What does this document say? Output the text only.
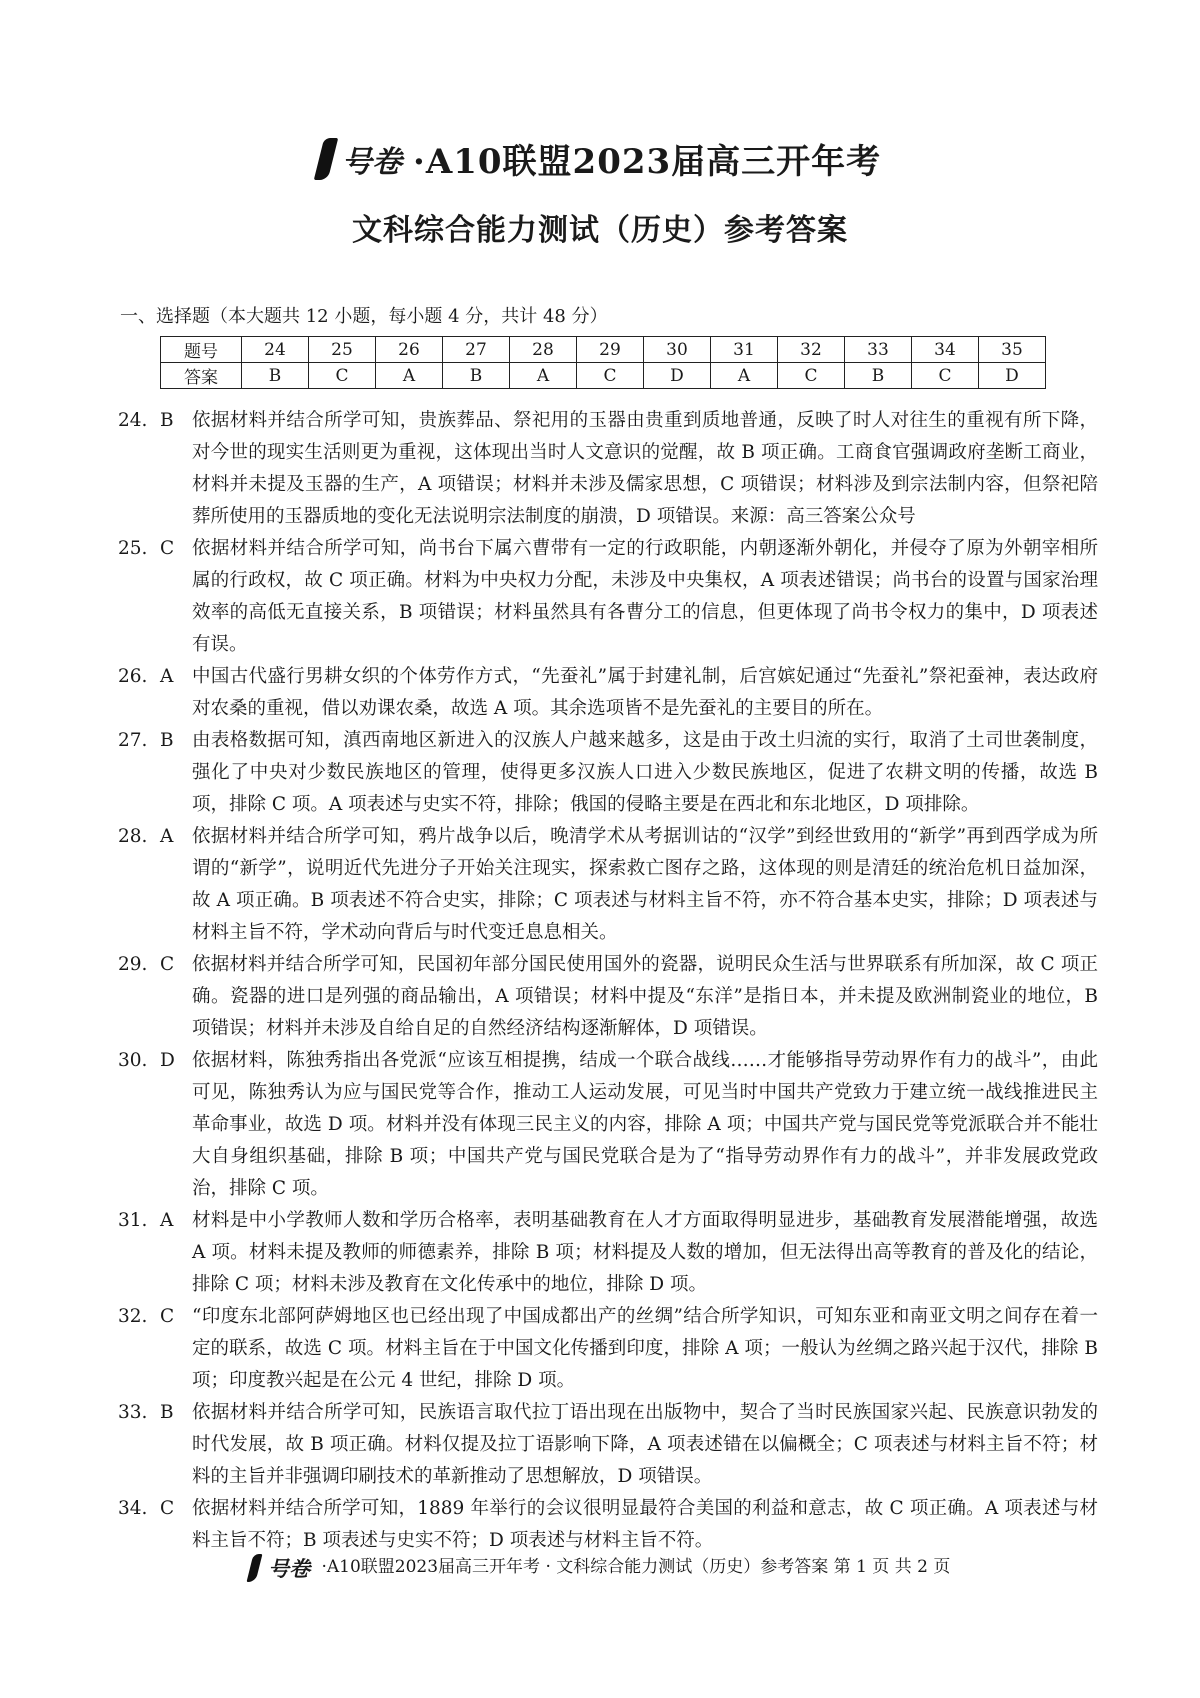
号卷 ·A10联盟2023届高三开年考
文科综合能力测试（历史）参考答案
一、选择题（本大题共 12 小题，每小题 4 分，共计 48 分）
题号	24	25	26	27	28	29	30	31	32	33	34	35
答案	B	C	A	B	A	C	D	A	C	B	C	D
24. B 依据材料并结合所学可知，贵族葬品、祭祀用的玉器由贵重到质地普通，反映了时人对往生的重视有所下降，对今世的现实生活则更为重视，这体现出当时人文意识的觉醒，故 B 项正确。工商食官强调政府垄断工商业，材料并未提及玉器的生产，A 项错误；材料并未涉及儒家思想，C 项错误；材料涉及到宗法制内容，但祭祀陪葬所使用的玉器质地的变化无法说明宗法制度的崩溃，D 项错误。来源：高三答案公众号
25. C 依据材料并结合所学可知，尚书台下属六曹带有一定的行政职能，内朝逐渐外朝化，并侵夺了原为外朝宰相所属的行政权，故 C 项正确。材料为中央权力分配，未涉及中央集权，A 项表述错误；尚书台的设置与国家治理效率的高低无直接关系，B 项错误；材料虽然具有各曹分工的信息，但更体现了尚书令权力的集中，D 项表述有误。
26. A	中国古代盛行男耕女织的个体劳作方式，“先蚕礼”属于封建礼制，后宫嫔妃通过“先蚕礼”祭祀蚕神，表达政府对农桑的重视，借以劝课农桑，故选 A 项。其余选项皆不是先蚕礼的主要目的所在。
27. B 由表格数据可知，滇西南地区新进入的汉族人户越来越多，这是由于改土归流的实行，取消了土司世袭制度，强化了中央对少数民族地区的管理，使得更多汉族人口进入少数民族地区，促进了农耕文明的传播，故选 B 项，排除 C 项。A 项表述与史实不符，排除；俄国的侵略主要是在西北和东北地区，D 项排除。
28. A	依据材料并结合所学可知，鸦片战争以后，晚清学术从考据训诂的“汉学”到经世致用的“新学”再到西学成为所谓的“新学”，说明近代先进分子开始关注现实，探索救亡图存之路，这体现的则是清廷的统治危机日益加深，故 A 项正确。B 项表述不符合史实，排除；C 项表述与材料主旨不符，亦不符合基本史实，排除；D 项表述与材料主旨不符，学术动向背后与时代变迁息息相关。
29. C 依据材料并结合所学可知，民国初年部分国民使用国外的瓷器，说明民众生活与世界联系有所加深，故 C 项正确。瓷器的进口是列强的商品输出，A 项错误；材料中提及“东洋”是指日本，并未提及欧洲制瓷业的地位，B 项错误；材料并未涉及自给自足的自然经济结构逐渐解体，D 项错误。
30. D 依据材料，陈独秀指出各党派“应该互相提携，结成一个联合战线……才能够指导劳动界作有力的战斗”，由此可见，陈独秀认为应与国民党等合作，推动工人运动发展，可见当时中国共产党致力于建立统一战线推进民主革命事业，故选 D 项。材料并没有体现三民主义的内容，排除 A 项；中国共产党与国民党等党派联合并不能壮大自身组织基础，排除 B 项；中国共产党与国民党联合是为了“指导劳动界作有力的战斗”，并非发展政党政治，排除 C 项。
31. A	材料是中小学教师人数和学历合格率，表明基础教育在人才方面取得明显进步，基础教育发展潜能增强，故选 A 项。材料未提及教师的师德素养，排除 B 项；材料提及人数的增加，但无法得出高等教育的普及化的结论，排除 C 项；材料未涉及教育在文化传承中的地位，排除 D 项。
32. C “印度东北部阿萨姆地区也已经出现了中国成都出产的丝绸”结合所学知识，可知东亚和南亚文明之间存在着一定的联系，故选 C 项。材料主旨在于中国文化传播到印度，排除 A 项；一般认为丝绸之路兴起于汉代，排除 B 项；印度教兴起是在公元 4 世纪，排除 D 项。
33. B 依据材料并结合所学可知，民族语言取代拉丁语出现在出版物中，契合了当时民族国家兴起、民族意识勃发的时代发展，故 B 项正确。材料仅提及拉丁语影响下降，A 项表述错在以偏概全；C 项表述与材料主旨不符；材料的主旨并非强调印刷技术的革新推动了思想解放，D 项错误。
34. C 依据材料并结合所学可知，1889 年举行的会议很明显最符合美国的利益和意志，故 C 项正确。A 项表述与材料主旨不符；B 项表述与史实不符；D 项表述与材料主旨不符。
号卷 ·A10联盟2023届高三开年考 · 文科综合能力测试（历史）参考答案 第 1 页 共 2 页
